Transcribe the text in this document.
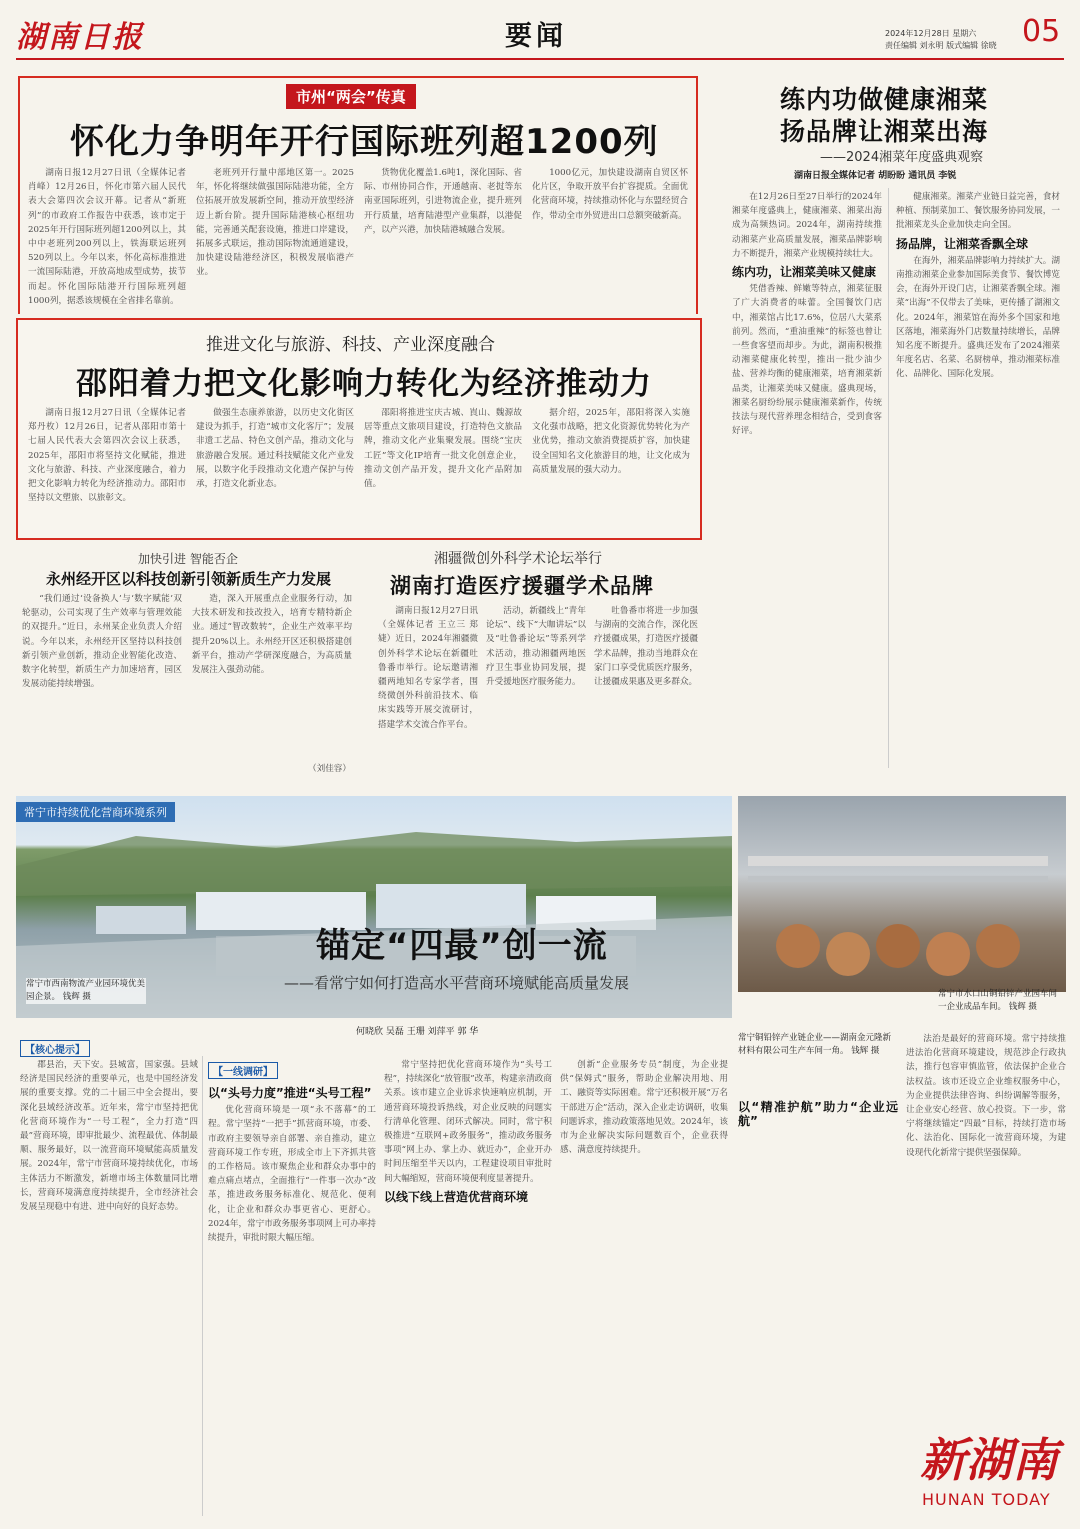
湖南日报	要闻	2024年12月28日 星期六
责任编辑 刘永明 版式编辑 徐晓 05
市州“两会”传真
怀化力争明年开行国际班列超1200列

湖南日报12月27日讯（全媒体记者肖峰）12月26日，怀化市第六届人民代表大会第四次会议开幕。记者从“新班列”的市政府工作报告中获悉，该市定于2025年开行国际班列超1200列以上，其中中老班列200列以上，铁海联运班列520列以上。今年以来，怀化高标准推进一流国际陆港，开放高地成型成势，拔节而起。怀化国际陆港开行国际班列超1000列，据悉该规模在全省排名靠前。

老班列开行量中部地区第一。2025年，怀化将继续做强国际陆港功能，全方位拓展开放发展新空间，推动开放型经济迈上新台阶。提升国际陆港核心枢纽功能，完善通关配套设施，推进口岸建设，拓展多式联运，推动国际物流通道建设，加快建设陆港经济区，积极发展临港产业。

货物优化覆盖1.6吨1，深化国际、省际、市州协同合作，开通越南、老挝等东南亚国际班列，引进物流企业，提升班列开行质量，培育陆港型产业集群，以港促产，以产兴港，加快陆港城融合发展。

1000亿元，加快建设湖南自贸区怀化片区，争取开放平台扩容提质。全面优化营商环境，持续推动怀化与东盟经贸合作，带动全市外贸进出口总额突破新高。

推进文化与旅游、科技、产业深度融合
邵阳着力把文化影响力转化为经济推动力

湖南日报12月27日讯（全媒体记者 郑丹枚）12月26日，记者从邵阳市第十七届人民代表大会第四次会议上获悉，2025年，邵阳市将坚持文化赋能，推进文化与旅游、科技、产业深度融合，着力把文化影响力转化为经济推动力。邵阳市坚持以文塑旅、以旅彰文。

做强生态康养旅游，以历史文化街区建设为抓手，打造“城市文化客厅”；发展非遗工艺品、特色文创产品，推动文化与旅游融合发展。通过科技赋能文化产业发展，以数字化手段推动文化遗产保护与传承，打造文化新业态。

邵阳将推进宝庆古城、崀山、魏源故居等重点文旅项目建设，打造特色文旅品牌，推动文化产业集聚发展。围绕“宝庆工匠”等文化IP培育一批文化创意企业，推动文创产品开发，提升文化产品附加值。

据介绍，2025年，邵阳将深入实施文化强市战略，把文化资源优势转化为产业优势，推动文旅消费提质扩容，加快建设全国知名文化旅游目的地，让文化成为高质量发展的强大动力。

练内功做健康湘菜
扬品牌让湘菜出海
——2024湘菜年度盛典观察
湖南日报全媒体记者 胡盼盼 通讯员 李锐

在12月26日至27日举行的2024年湘菜年度盛典上，健康湘菜、湘菜出海成为高频热词。2024年，湖南持续推动湘菜产业高质量发展，湘菜品牌影响力不断提升，湘菜产业规模持续壮大。

练内功，让湘菜美味又健康

凭借香辣、鲜嫩等特点，湘菜征服了广大消费者的味蕾。全国餐饮门店中，湘菜馆占比17.6%，位居八大菜系前列。然而，“重油重辣”的标签也曾让一些食客望而却步。为此，湖南积极推动湘菜健康化转型，推出一批少油少盐、营养均衡的健康湘菜，培育湘菜新品类，让湘菜美味又健康。盛典现场，湘菜名厨纷纷展示健康湘菜新作，传统技法与现代营养理念相结合，受到食客好评。

健康湘菜。湘菜产业链日益完善，食材种植、预制菜加工、餐饮服务协同发展，一批湘菜龙头企业加快走向全国。

扬品牌，让湘菜香飘全球

在海外，湘菜品牌影响力持续扩大。湖南推动湘菜企业参加国际美食节、餐饮博览会，在海外开设门店，让湘菜香飘全球。湘菜“出海”不仅带去了美味，更传播了湖湘文化。2024年，湘菜馆在海外多个国家和地区落地，湘菜海外门店数量持续增长，品牌知名度不断提升。盛典还发布了2024湘菜年度名店、名菜、名厨榜单，推动湘菜标准化、品牌化、国际化发展。

加快引进 智能否企
永州经开区以科技创新引领新质生产力发展

“我们通过‘设备换人’与‘数字赋能’双轮驱动，公司实现了生产效率与管理效能的双提升。”近日，永州某企业负责人介绍说。今年以来，永州经开区坚持以科技创新引领产业创新，推动企业智能化改造、数字化转型，新质生产力加速培育，园区发展动能持续增强。

造，深入开展重点企业服务行动，加大技术研发和技改投入，培育专精特新企业。通过“智改数转”，企业生产效率平均提升20%以上。永州经开区还积极搭建创新平台，推动产学研深度融合，为高质量发展注入强劲动能。

（刘佳容）
湘疆微创外科学术论坛举行
湖南打造医疗援疆学术品牌

湖南日报12月27日讯（全媒体记者 王立三 郑婕）近日，2024年湘疆微创外科学术论坛在新疆吐鲁番市举行。论坛邀请湘疆两地知名专家学者，围绕微创外科前沿技术、临床实践等开展交流研讨，搭建学术交流合作平台。

活动，新疆线上“青年论坛”、线下“大咖讲坛”以及“吐鲁番论坛”等系列学术活动，推动湘疆两地医疗卫生事业协同发展，提升受援地医疗服务能力。

吐鲁番市将进一步加强与湖南的交流合作，深化医疗援疆成果，打造医疗援疆学术品牌，推动当地群众在家门口享受优质医疗服务，让援疆成果惠及更多群众。

常宁市持续优化营商环境系列
锚定“四最”创一流
——看常宁如何打造高水平营商环境赋能高质量发展
常宁市西南物流产业园环境优美园企景。 钱辉 摄
何晓欣 吴磊 王珊 刘萍平 郭 华
常宁市水口山铜铅锌产业园车间一企业成品车间。 钱辉 摄
【核心提示】
【一线调研】

郡县治，天下安。县城富，国家强。县域经济是国民经济的重要单元，也是中国经济发展的重要支撑。党的二十届三中全会提出，要深化县域经济改革。近年来，常宁市坚持把优化营商环境作为“一号工程”，全力打造“四最”营商环境，即审批最少、流程最优、体制最顺、服务最好，以一流营商环境赋能高质量发展。2024年，常宁市营商环境持续优化，市场主体活力不断激发，新增市场主体数量同比增长，营商环境满意度持续提升，全市经济社会发展呈现稳中有进、进中向好的良好态势。

以“头号力度”推进“头号工程”

优化营商环境是一项“永不落幕”的工程。常宁坚持“一把手”抓营商环境，市委、市政府主要领导亲自部署、亲自推动，建立营商环境工作专班，形成全市上下齐抓共管的工作格局。该市聚焦企业和群众办事中的难点痛点堵点，全面推行“一件事一次办”改革，推进政务服务标准化、规范化、便利化，让企业和群众办事更省心、更舒心。2024年，常宁市政务服务事项网上可办率持续提升，审批时限大幅压缩。

常宁坚持把优化营商环境作为“头号工程”，持续深化“放管服”改革，构建亲清政商关系。该市建立企业诉求快速响应机制，开通营商环境投诉热线，对企业反映的问题实行清单化管理、闭环式解决。同时，常宁积极推进“互联网+政务服务”，推动政务服务事项“网上办、掌上办、就近办”，企业开办时间压缩至半天以内，工程建设项目审批时间大幅缩短，营商环境便利度显著提升。

以线下线上营造优营商环境

创新“企业服务专员”制度，为企业提供“保姆式”服务，帮助企业解决用地、用工、融资等实际困难。常宁还积极开展“万名干部进万企”活动，深入企业走访调研，收集问题诉求，推动政策落地见效。2024年，该市为企业解决实际问题数百个，企业获得感、满意度持续提升。

常宁铜铅锌产业链企业——湖南金元隆新材料有限公司生产车间一角。 钱辉 摄
以“精准护航”助力“企业远航”

法治是最好的营商环境。常宁持续推进法治化营商环境建设，规范涉企行政执法，推行包容审慎监管，依法保护企业合法权益。该市还设立企业维权服务中心，为企业提供法律咨询、纠纷调解等服务，让企业安心经营、放心投资。下一步，常宁将继续锚定“四最”目标，持续打造市场化、法治化、国际化一流营商环境，为建设现代化新常宁提供坚强保障。

新湖南
HUNAN TODAY
